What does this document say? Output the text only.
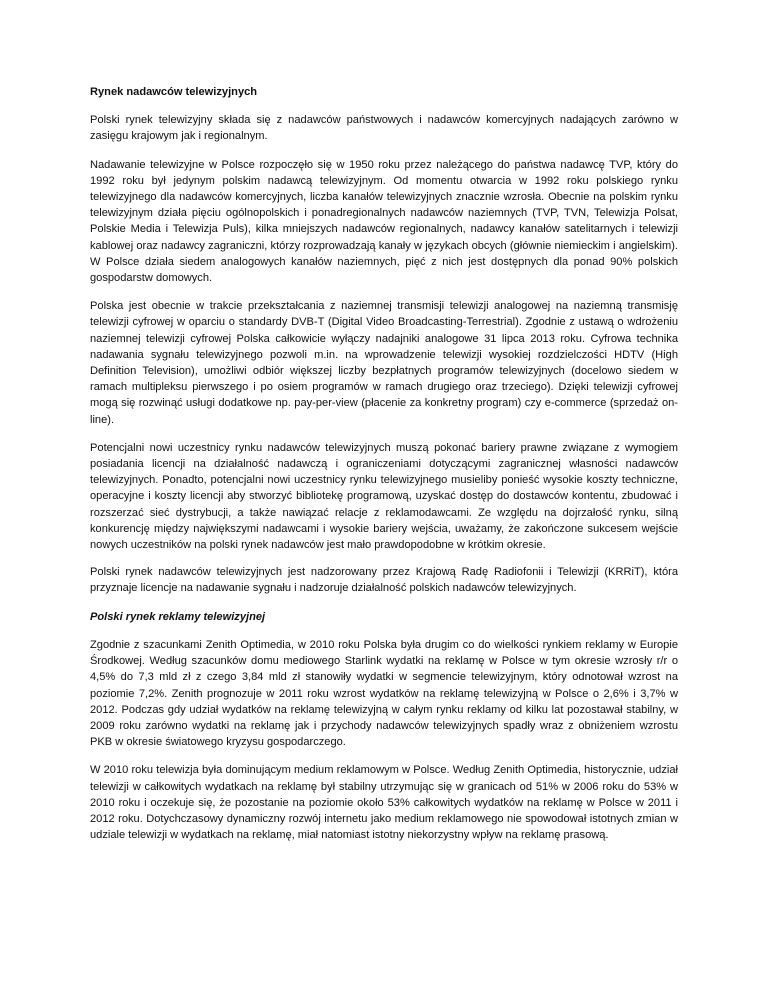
Rynek nadawców telewizyjnych

Polski rynek telewizyjny składa się z nadawców państwowych i nadawców komercyjnych nadających zarówno w zasięgu krajowym jak i regionalnym.

Nadawanie telewizyjne w Polsce rozpoczęło się w 1950 roku przez należącego do państwa nadawcę TVP, który do 1992 roku był jedynym polskim nadawcą telewizyjnym. Od momentu otwarcia w 1992 roku polskiego rynku telewizyjnego dla nadawców komercyjnych, liczba kanałów telewizyjnych znacznie wzrosła. Obecnie na polskim rynku telewizyjnym działa pięciu ogólnopolskich i ponadregionalnych nadawców naziemnych (TVP, TVN, Telewizja Polsat, Polskie Media i Telewizja Puls), kilka mniejszych nadawców regionalnych, nadawcy kanałów satelitarnych i telewizji kablowej oraz nadawcy zagraniczni, którzy rozprowadzają kanały w językach obcych (głównie niemieckim i angielskim). W Polsce działa siedem analogowych kanałów naziemnych, pięć z nich jest dostępnych dla ponad 90% polskich gospodarstw domowych.

Polska jest obecnie w trakcie przekształcania z naziemnej transmisji telewizji analogowej na naziemną transmisję telewizji cyfrowej w oparciu o standardy DVB-T (Digital Video Broadcasting-Terrestrial). Zgodnie z ustawą o wdrożeniu naziemnej telewizji cyfrowej Polska całkowicie wyłączy nadajniki analogowe 31 lipca 2013 roku. Cyfrowa technika nadawania sygnału telewizyjnego pozwoli m.in. na wprowadzenie telewizji wysokiej rozdzielczości HDTV (High Definition Television), umożliwi odbiór większej liczby bezpłatnych programów telewizyjnych (docelowo siedem w ramach multipleksu pierwszego i po osiem programów w ramach drugiego oraz trzeciego). Dzięki telewizji cyfrowej mogą się rozwinąć usługi dodatkowe np. pay-per-view (płacenie za konkretny program) czy e-commerce (sprzedaż on-line).

Potencjalni nowi uczestnicy rynku nadawców telewizyjnych muszą pokonać bariery prawne związane z wymogiem posiadania licencji na działalność nadawczą i ograniczeniami dotyczącymi zagranicznej własności nadawców telewizyjnych. Ponadto, potencjalni nowi uczestnicy rynku telewizyjnego musieliby ponieść wysokie koszty techniczne, operacyjne i koszty licencji aby stworzyć bibliotekę programową, uzyskać dostęp do dostawców kontentu, zbudować i rozszerzać sieć dystrybucji, a także nawiązać relacje z reklamodawcami. Ze względu na dojrzałość rynku, silną konkurencję między największymi nadawcami i wysokie bariery wejścia, uważamy, że zakończone sukcesem wejście nowych uczestników na polski rynek nadawców jest mało prawdopodobne w krótkim okresie.

Polski rynek nadawców telewizyjnych jest nadzorowany przez Krajową Radę Radiofonii i Telewizji (KRRiT), która przyznaje licencje na nadawanie sygnału i nadzoruje działalność polskich nadawców telewizyjnych.

Polski rynek reklamy telewizyjnej

Zgodnie z szacunkami Zenith Optimedia, w 2010 roku Polska była drugim co do wielkości rynkiem reklamy w Europie Środkowej. Według szacunków domu mediowego Starlink wydatki na reklamę w Polsce w tym okresie wzrosły r/r o 4,5% do 7,3 mld zł z czego 3,84 mld zł stanowiły wydatki w segmencie telewizyjnym, który odnotował wzrost na poziomie 7,2%. Zenith prognozuje w 2011 roku wzrost wydatków na reklamę telewizyjną w Polsce o 2,6% i 3,7% w 2012. Podczas gdy udział wydatków na reklamę telewizyjną w całym rynku reklamy od kilku lat pozostawał stabilny, w 2009 roku zarówno wydatki na reklamę jak i przychody nadawców telewizyjnych spadły wraz z obniżeniem wzrostu PKB w okresie światowego kryzysu gospodarczego.

W 2010 roku telewizja była dominującym medium reklamowym w Polsce. Według Zenith Optimedia, historycznie, udział telewizji w całkowitych wydatkach na reklamę był stabilny utrzymując się w granicach od 51% w 2006 roku do 53% w 2010 roku i oczekuje się, że pozostanie na poziomie około 53% całkowitych wydatków na reklamę w Polsce w 2011 i 2012 roku. Dotychczasowy dynamiczny rozwój internetu jako medium reklamowego nie spowodował istotnych zmian w udziale telewizji w wydatkach na reklamę, miał natomiast istotny niekorzystny wpływ na reklamę prasową.
